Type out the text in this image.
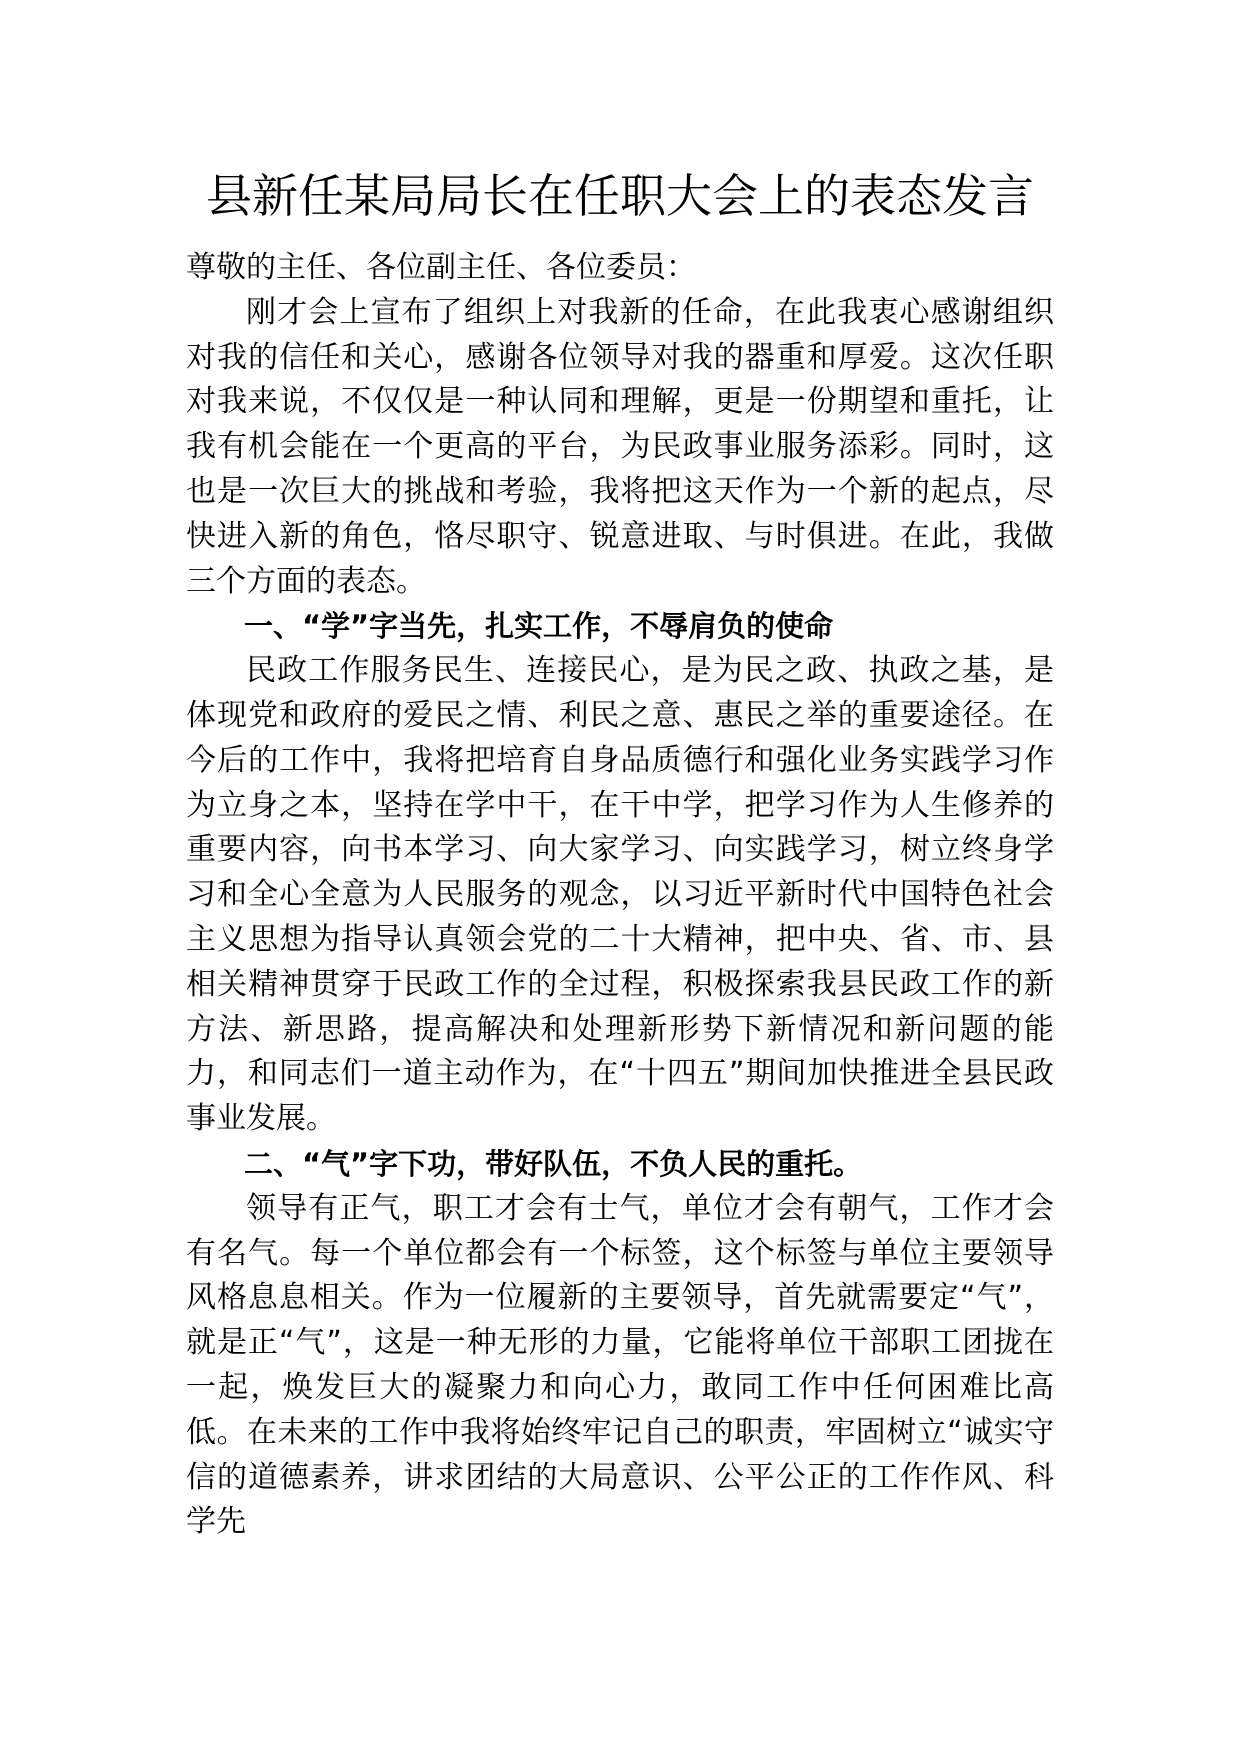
县新任某局局长在任职大会上的表态发言

尊敬的主任、各位副主任、各位委员：

刚才会上宣布了组织上对我新的任命，在此我衷心感谢组织对我的信任和关心，感谢各位领导对我的器重和厚爱。这次任职对我来说，不仅仅是一种认同和理解，更是一份期望和重托，让我有机会能在一个更高的平台，为民政事业服务添彩。同时，这也是一次巨大的挑战和考验，我将把这天作为一个新的起点，尽快进入新的角色，恪尽职守、锐意进取、与时俱进。在此，我做三个方面的表态。

一、“学”字当先，扎实工作，不辱肩负的使命

民政工作服务民生、连接民心，是为民之政、执政之基，是体现党和政府的爱民之情、利民之意、惠民之举的重要途径。在今后的工作中，我将把培育自身品质德行和强化业务实践学习作为立身之本，坚持在学中干，在干中学，把学习作为人生修养的重要内容，向书本学习、向大家学习、向实践学习，树立终身学习和全心全意为人民服务的观念，以习近平新时代中国特色社会主义思想为指导认真领会党的二十大精神，把中央、省、市、县相关精神贯穿于民政工作的全过程，积极探索我县民政工作的新方法、新思路，提高解决和处理新形势下新情况和新问题的能力，和同志们一道主动作为，在“十四五”期间加快推进全县民政事业发展。

二、“气”字下功，带好队伍，不负人民的重托。

领导有正气，职工才会有士气，单位才会有朝气，工作才会有名气。每一个单位都会有一个标签，这个标签与单位主要领导风格息息相关。作为一位履新的主要领导，首先就需要定“气”，就是正“气”，这是一种无形的力量，它能将单位干部职工团拢在一起，焕发巨大的凝聚力和向心力，敢同工作中任何困难比高低。在未来的工作中我将始终牢记自己的职责，牢固树立“诚实守信的道德素养，讲求团结的大局意识、公平公正的工作作风、科学先
